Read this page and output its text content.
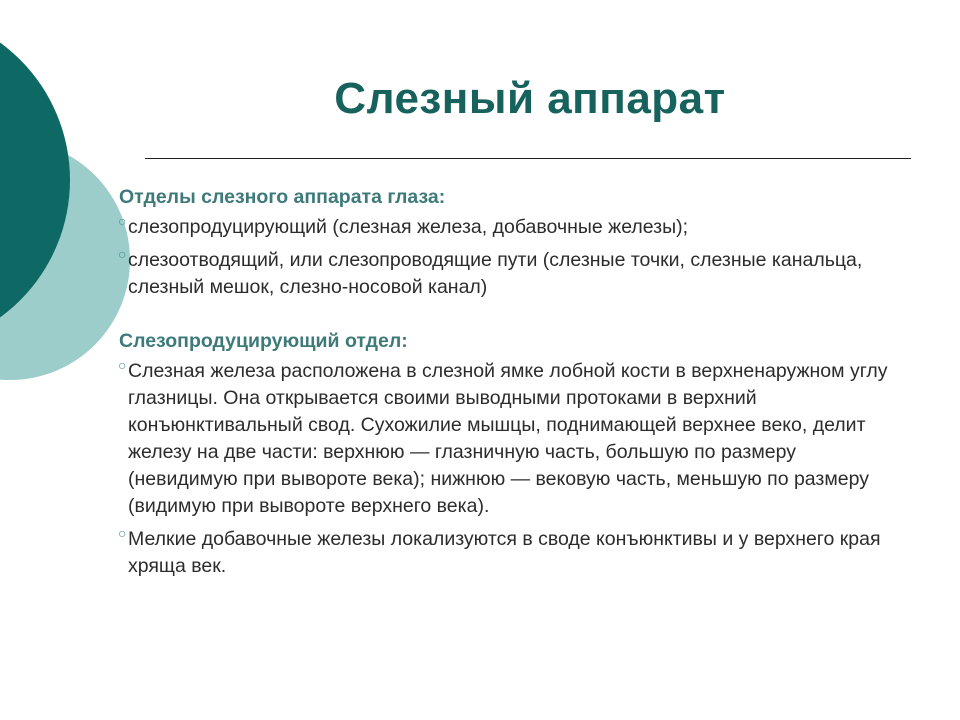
Слезный аппарат
Отделы слезного аппарата глаза:
○ слезопродуцирующий (слезная железа, добавочные железы);
○ слезоотводящий, или слезопроводящие пути (слезные точки, слезные канальца, слезный мешок, слезно-носовой канал)
Слезопродуцирующий отдел:
○ Слезная железа расположена в слезной ямке лобной кости в верхненаружном углу глазницы. Она открывается своими выводными протоками в верхний конъюнктивальный свод. Сухожилие мышцы, поднимающей верхнее веко, делит железу на две части: верхнюю — глазничную часть, большую по размеру (невидимую при вывороте века); нижнюю — вековую часть, меньшую по размеру (видимую при вывороте верхнего века).
○ Мелкие добавочные железы локализуются в своде конъюнктивы и у верхнего края хряща век.
